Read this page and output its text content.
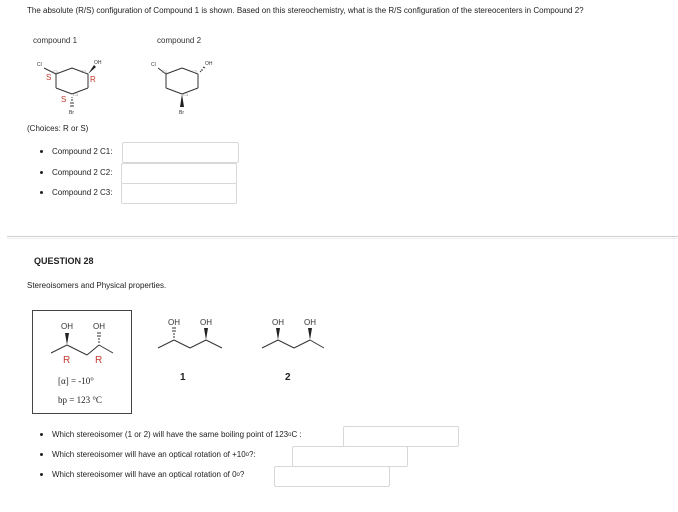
The absolute (R/S) configuration of Compound 1 is shown. Based on this stereochemistry, what is the R/S configuration of the stereocenters in Compound 2?
compound 1	compound 2
Cl	OH
Br
C1	C2
C3
S	R
S
Cl	OH
Br
C1	C2
C3
(Choices: R or S)
Compound 2 C1:
Compound 2 C2:
Compound 2 C3:
QUESTION 28
Stereoisomers and Physical properties.
OH	OH
R R
[α] = -10°
bp = 123 °C
OH	OH
1
OH	OH
2
Which stereoisomer (1 or 2) will have the same boiling point of 123 o C :
Which stereoisomer will have an optical rotation of +10 o ?:
Which stereoisomer will have an optical rotation of 0 o ?
